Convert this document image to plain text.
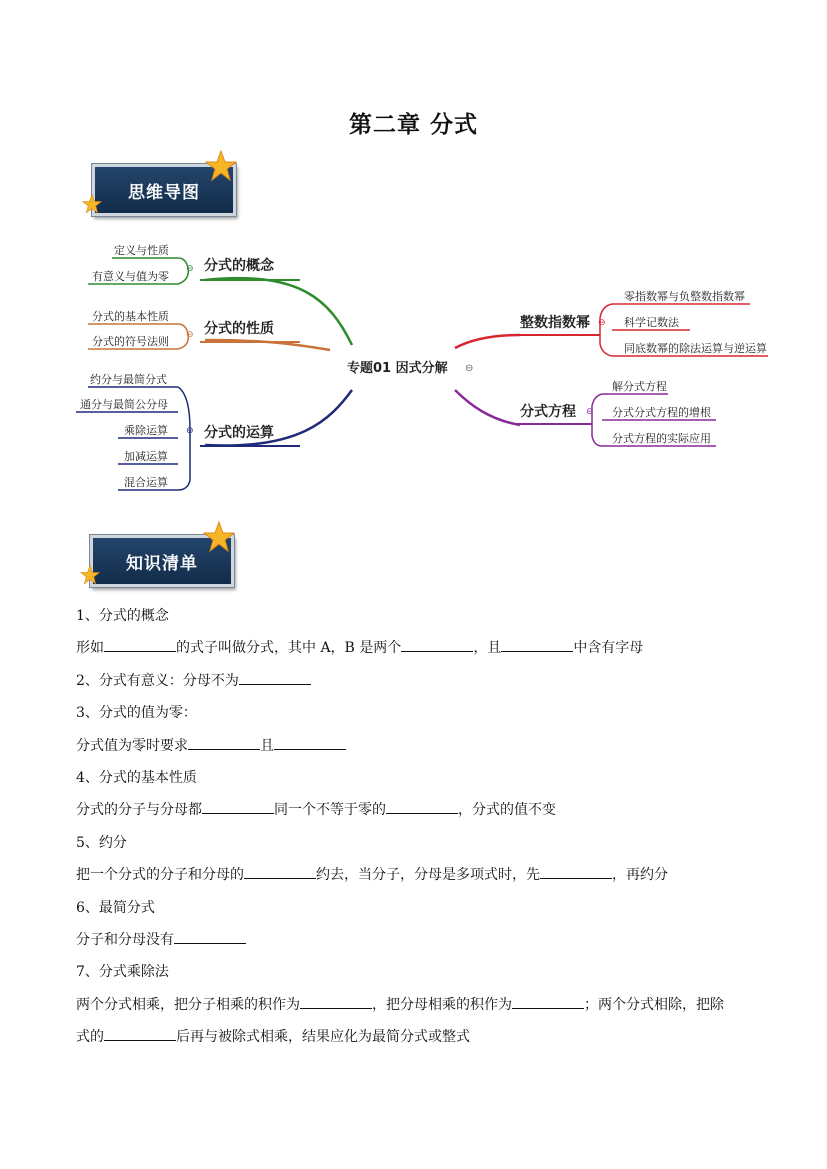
第二章 分式
思维导图
专题01 因式分解 ⊖
分式的概念
分式的性质
分式的运算
⊖
⊖
⊖
定义与性质
有意义与值为零
分式的基本性质
分式的符号法则
约分与最简分式
通分与最简公分母
乘除运算
加减运算
混合运算
整数指数幂
分式方程
⊖
⊖
零指数幂与负整数指数幂
科学记数法
同底数幂的除法运算与逆运算
解分式方程
分式分式方程的增根
分式方程的实际应用
知识清单

1、分式的概念

形如	的式子叫做分式，其中 A，B 是两个	，且	中含有字母

2、分式有意义：分母不为

3、分式的值为零：

分式值为零时要求	且

4、分式的基本性质

分式的分子与分母都	同一个不等于零的	，分式的值不变

5、约分

把一个分式的分子和分母的	约去，当分子，分母是多项式时，先	，再约分

6、最简分式

分子和分母没有

7、分式乘除法

两个分式相乘，把分子相乘的积作为	，把分母相乘的积作为	；两个分式相除，把除

式的	后再与被除式相乘，结果应化为最简分式或整式
